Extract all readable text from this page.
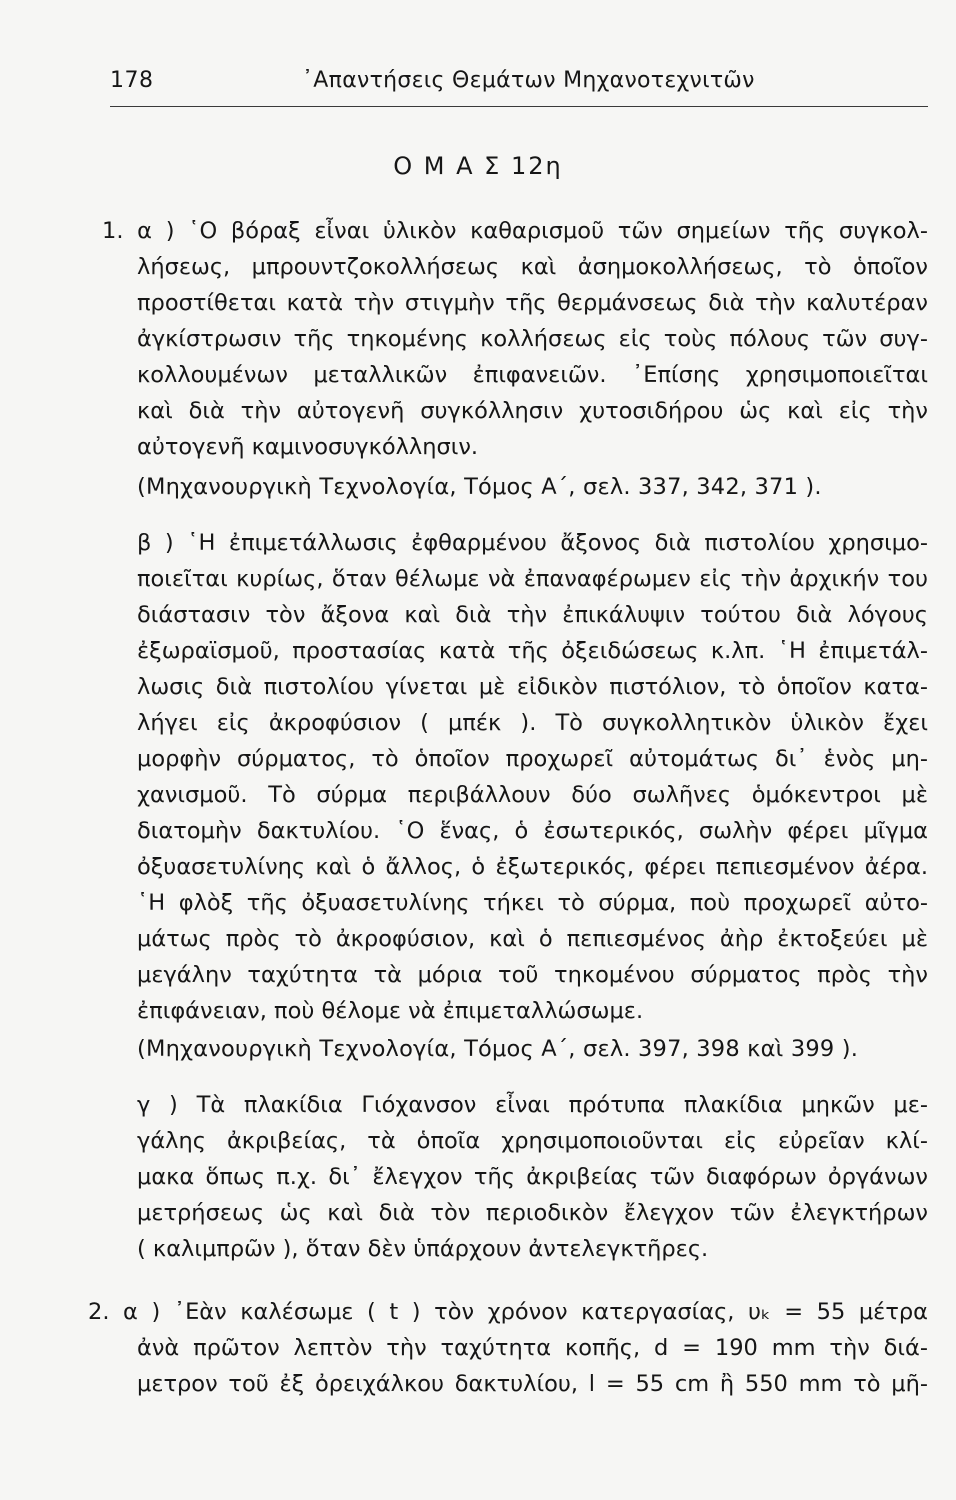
178	᾿Απαντήσεις Θεμάτων Μηχανοτεχνιτῶν
Ο Μ Α Σ 12η
1. α ) ῾Ο βόραξ εἶναι ὑλικὸν καθαρισμοῦ τῶν σημείων τῆς συγκολ-
λήσεως, μπρουντζοκολλήσεως καὶ ἀσημοκολλήσεως, τὸ ὁποῖον
προστίθεται κατὰ τὴν στιγμὴν τῆς θερμάνσεως διὰ τὴν καλυτέραν
ἀγκίστρωσιν τῆς τηκομένης κολλήσεως εἰς τοὺς πόλους τῶν συγ-
κολλουμένων μεταλλικῶν ἐπιφανειῶν. ᾿Επίσης χρησιμοποιεῖται
καὶ διὰ τὴν αὐτογενῆ συγκόλλησιν χυτοσιδήρου ὡς καὶ εἰς τὴν
αὐτογενῆ καμινοσυγκόλλησιν.
(Μηχανουργικὴ Τεχνολογία, Τόμος Α΄, σελ. 337, 342, 371 ).
β ) ῾Η ἐπιμετάλλωσις ἐφθαρμένου ἄξονος διὰ πιστολίου χρησιμο-
ποιεῖται κυρίως, ὅταν θέλωμε νὰ ἐπαναφέρωμεν εἰς τὴν ἀρχικήν του
διάστασιν τὸν ἄξονα καὶ διὰ τὴν ἐπικάλυψιν τούτου διὰ λόγους
ἐξωραϊσμοῦ, προστασίας κατὰ τῆς ὀξειδώσεως κ.λπ. ῾Η ἐπιμετάλ-
λωσις διὰ πιστολίου γίνεται μὲ εἰδικὸν πιστόλιον, τὸ ὁποῖον κατα-
λήγει εἰς ἀκροφύσιον ( μπέκ ). Τὸ συγκολλητικὸν ὑλικὸν ἔχει
μορφὴν σύρματος, τὸ ὁποῖον προχωρεῖ αὐτομάτως δι᾿ ἑνὸς μη-
χανισμοῦ. Τὸ σύρμα περιβάλλουν δύο σωλῆνες ὁμόκεντροι μὲ
διατομὴν δακτυλίου. ῾Ο ἕνας, ὁ ἐσωτερικός, σωλὴν φέρει μῖγμα
ὀξυασετυλίνης καὶ ὁ ἄλλος, ὁ ἐξωτερικός, φέρει πεπιεσμένον ἀέρα.
῾Η φλὸξ τῆς ὀξυασετυλίνης τήκει τὸ σύρμα, ποὺ προχωρεῖ αὐτο-
μάτως πρὸς τὸ ἀκροφύσιον, καὶ ὁ πεπιεσμένος ἀὴρ ἐκτοξεύει μὲ
μεγάλην ταχύτητα τὰ μόρια τοῦ τηκομένου σύρματος πρὸς τὴν
ἐπιφάνειαν, ποὺ θέλομε νὰ ἐπιμεταλλώσωμε.
(Μηχανουργικὴ Τεχνολογία, Τόμος Α΄, σελ. 397, 398 καὶ 399 ).
γ ) Τὰ πλακίδια Γιόχανσον εἶναι πρότυπα πλακίδια μηκῶν με-
γάλης ἀκριβείας, τὰ ὁποῖα χρησιμοποιοῦνται εἰς εὐρεῖαν κλί-
μακα ὅπως π.χ. δι᾿ ἔλεγχον τῆς ἀκριβείας τῶν διαφόρων ὀργάνων
μετρήσεως ὡς καὶ διὰ τὸν περιοδικὸν ἔλεγχον τῶν ἐλεγκτήρων
( καλιμπρῶν ), ὅταν δὲν ὑπάρχουν ἀντελεγκτῆρες.
2. α ) ᾿Εὰν καλέσωμε ( t ) τὸν χρόνον κατεργασίας, υₖ = 55 μέτρα
ἀνὰ πρῶτον λεπτὸν τὴν ταχύτητα κοπῆς, d = 190 mm τὴν διά-
μετρον τοῦ ἐξ ὀρειχάλκου δακτυλίου, l = 55 cm ἢ 550 mm τὸ μῆ-
